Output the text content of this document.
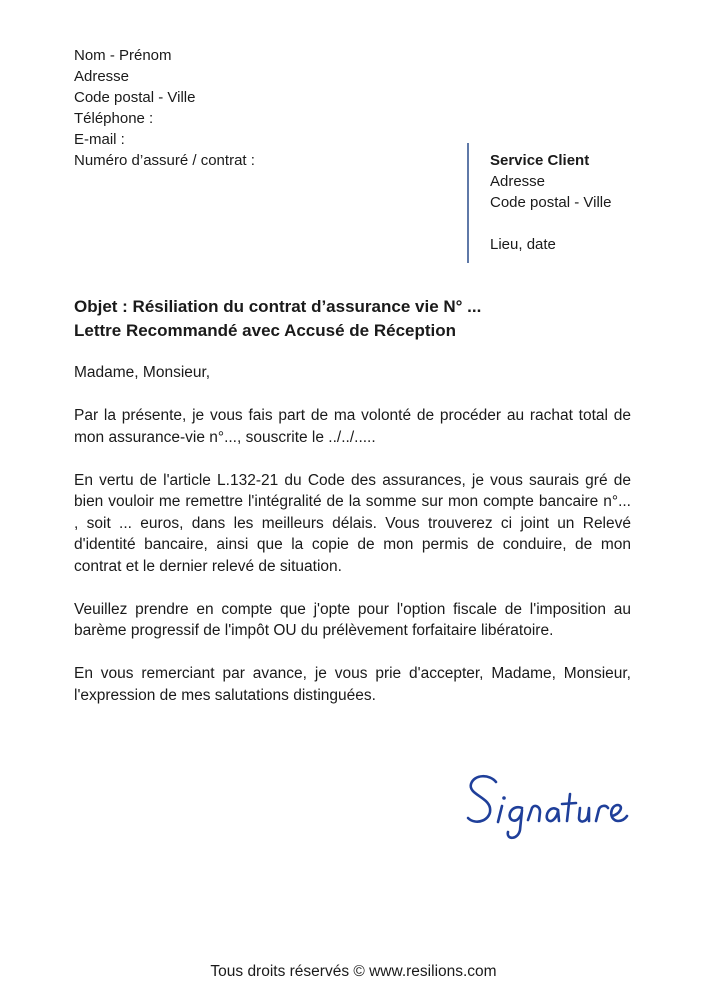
Nom - Prénom
Adresse
Code postal - Ville
Téléphone :
E-mail :
Numéro d’assuré / contrat :	Service Client
Adresse
Code postal - Ville
Lieu, date
Objet : Résiliation du contrat d’assurance vie N° ...
Lettre Recommandé avec Accusé de Réception

Madame, Monsieur,

Par la présente, je vous fais part de ma volonté de procéder au rachat total de mon assurance-vie n°..., souscrite le ../../.....

En vertu de l'article L.132-21 du Code des assurances, je vous saurais gré de bien vouloir me remettre l'intégralité de la somme sur mon compte bancaire n°... , soit ... euros, dans les meilleurs délais. Vous trouverez ci joint un Relevé d'identité bancaire, ainsi que la copie de mon permis de conduire, de mon contrat et le dernier relevé de situation.

Veuillez prendre en compte que j'opte pour l'option fiscale de l'imposition au barème progressif de l'impôt OU du prélèvement forfaitaire libératoire.

En vous remerciant par avance, je vous prie d'accepter, Madame, Monsieur, l'expression de mes salutations distinguées.

Tous droits réservés © www.resilions.com
